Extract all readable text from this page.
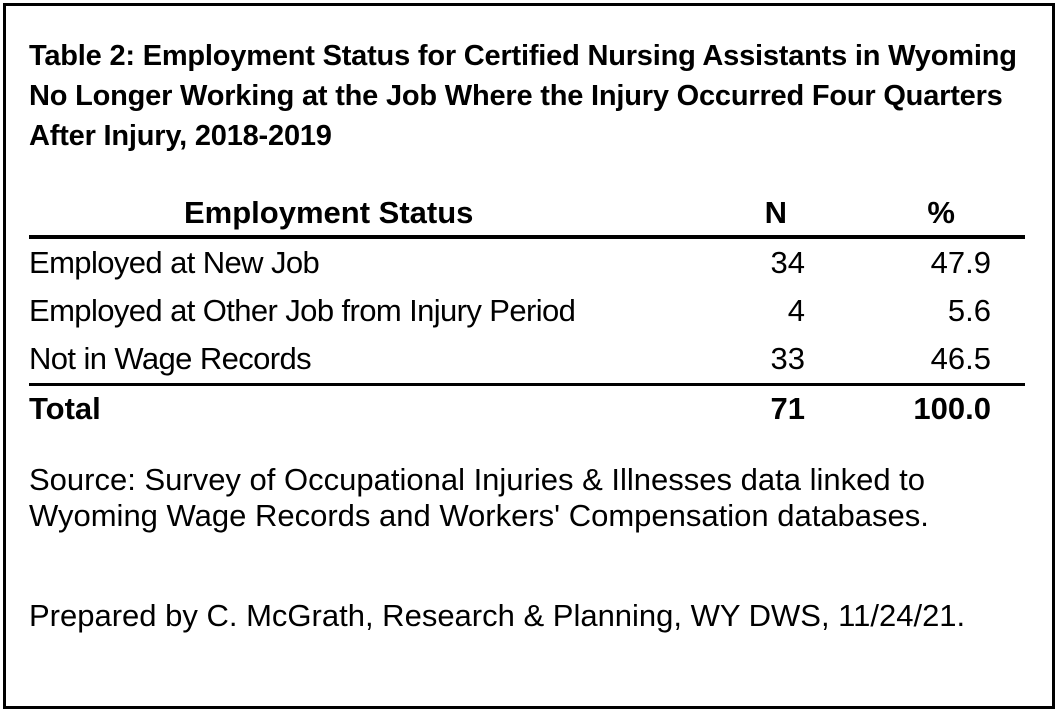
Table 2: Employment Status for Certified Nursing Assistants in Wyoming No Longer Working at the Job Where the Injury Occurred Four Quarters After Injury, 2018-2019
Employment Status	N	%
Employed at New Job	34	47.9
Employed at Other Job from Injury Period	4	5.6
Not in Wage Records	33	46.5
Total	71	100.0
Source: Survey of Occupational Injuries & Illnesses data linked to Wyoming Wage Records and Workers' Compensation databases.
Prepared by C. McGrath, Research & Planning, WY DWS, 11/24/21.
